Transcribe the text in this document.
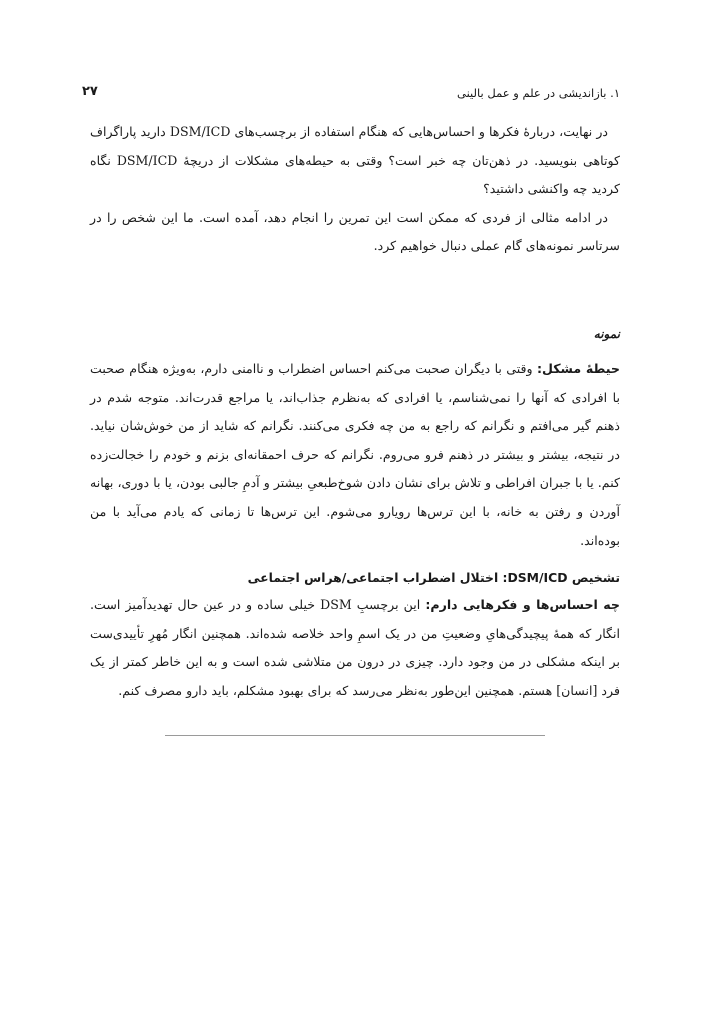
۱. بازاندیشی در علم و عمل بالینی
۲۷

در نهایت، دربارهٔ فکرها و احساس‌هایی که هنگام استفاده از برچسب‌های DSM/ICD دارید پاراگراف کوتاهی بنویسید. در ذهن‌تان چه خبر است؟ وقتی به حیطه‌های مشکلات از دریچهٔ DSM/ICD نگاه کردید چه واکنشی داشتید؟

در ادامه مثالی از فردی که ممکن است این تمرین را انجام دهد، آمده است. ما این شخص را در سرتاسر نمونه‌های گام عملی دنبال خواهیم کرد.

نمونه

حیطهٔ مشکل: وقتی با دیگران صحبت می‌کنم احساس اضطراب و ناامنی دارم، به‌ویژه هنگام صحبت با افرادی که آنها را نمی‌شناسم، یا افرادی که به‌نظرم جذاب‌اند، یا مراجع قدرت‌اند. متوجه شدم در ذهنم گیر می‌افتم و نگرانم که راجع به من چه فکری می‌کنند. نگرانم که شاید از من خوش‌شان نیاید. در نتیجه، بیشتر و بیشتر در ذهنم فرو می‌روم. نگرانم که حرف احمقانه‌ای بزنم و خودم را خجالت‌زده کنم. یا با جبران افراطی و تلاش برای نشان دادن شوخ‌طبعیِ بیشتر و آدمِ جالبی بودن، یا با دوری، بهانه آوردن و رفتن به خانه، با این ترس‌ها رویارو می‌شوم. این ترس‌ها تا زمانی که یادم می‌آید با من بوده‌اند.

تشخیص DSM/ICD: اختلال اضطراب اجتماعی/هراس اجتماعی

چه احساس‌ها و فکرهایی دارم: این برچسبِ DSM خیلی ساده و در عین حال تهدیدآمیز است. انگار که همهٔ پیچیدگی‌هایِ وضعیتِ من در یک اسمِ واحد خلاصه شده‌اند. همچنین انگار مُهرِ تأییدی‌ست بر اینکه مشکلی در من وجود دارد. چیزی در درون من متلاشی شده است و به این خاطر کمتر از یک فرد [انسان] هستم. همچنین این‌طور به‌نظر می‌رسد که برای بهبود مشکلم، باید دارو مصرف کنم.
